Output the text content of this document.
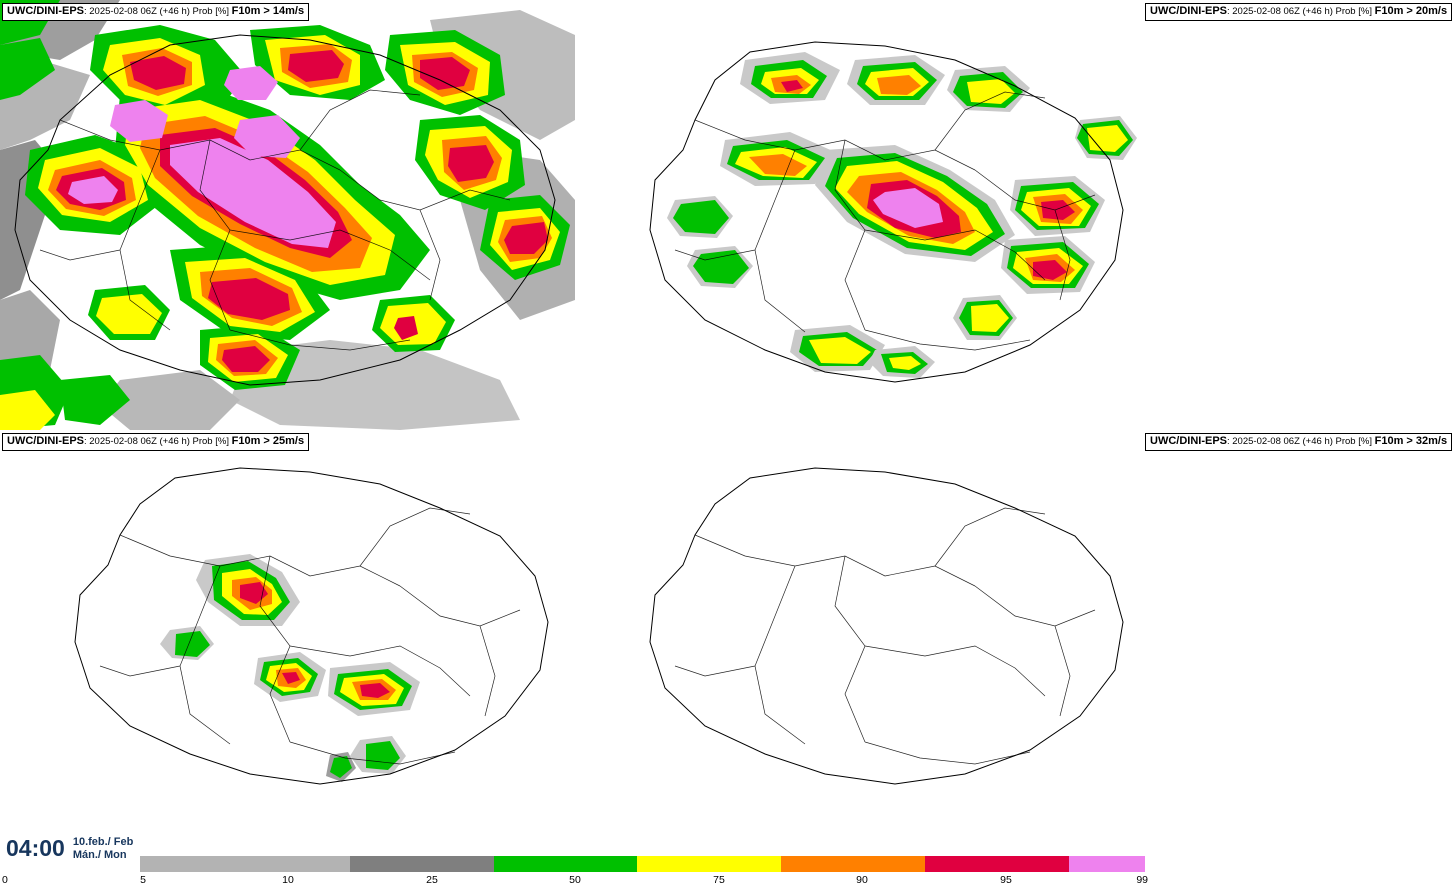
UWC/DINI-EPS: 2025-02-08 06Z (+46 h) Prob [%] F10m > 14m/s	UWC/DINI-EPS: 2025-02-08 06Z (+46 h) Prob [%] F10m > 20m/s
UWC/DINI-EPS: 2025-02-08 06Z (+46 h) Prob [%] F10m > 25m/s	UWC/DINI-EPS: 2025-02-08 06Z (+46 h) Prob [%] F10m > 32m/s
04:00 10.feb./ Feb
Mán./ Mon
0	5	10	25	50	75	90	95	99
